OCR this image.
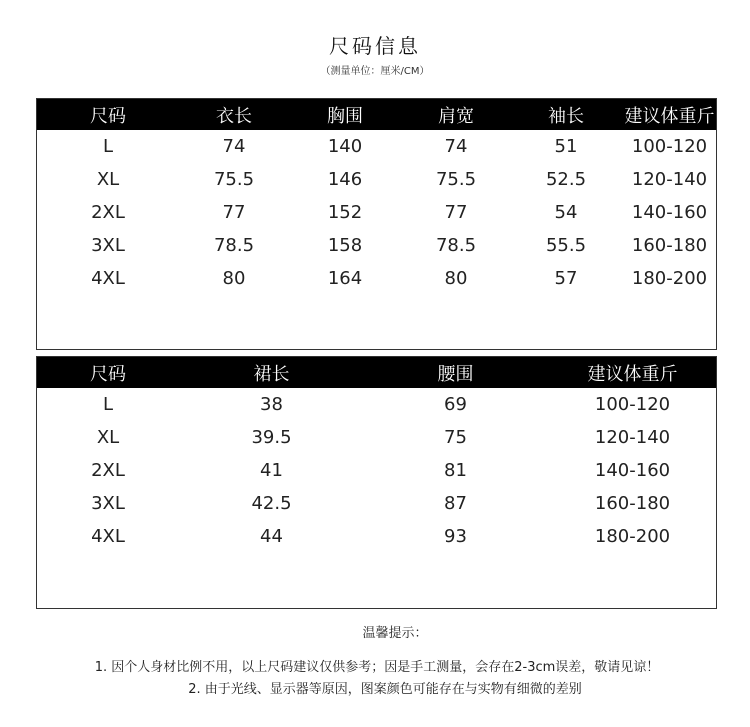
尺码信息
（测量单位：厘米/CM）
尺码	衣长	胸围	肩宽	袖长	建议体重斤
L	74	140	74	51	100-120
XL	75.5	146	75.5	52.5	120-140
2XL	77	152	77	54	140-160
3XL	78.5	158	78.5	55.5	160-180
4XL	80	164	80	57	180-200
尺码	裙长	腰围	建议体重斤
L	38	69	100-120
XL	39.5	75	120-140
2XL	41	81	140-160
3XL	42.5	87	160-180
4XL	44	93	180-200
温馨提示：
1. 因个人身材比例不用，以上尺码建议仅供参考；因是手工测量，会存在2-3cm误差，敬请见谅！
2. 由于光线、显示器等原因，图案颜色可能存在与实物有细微的差别
